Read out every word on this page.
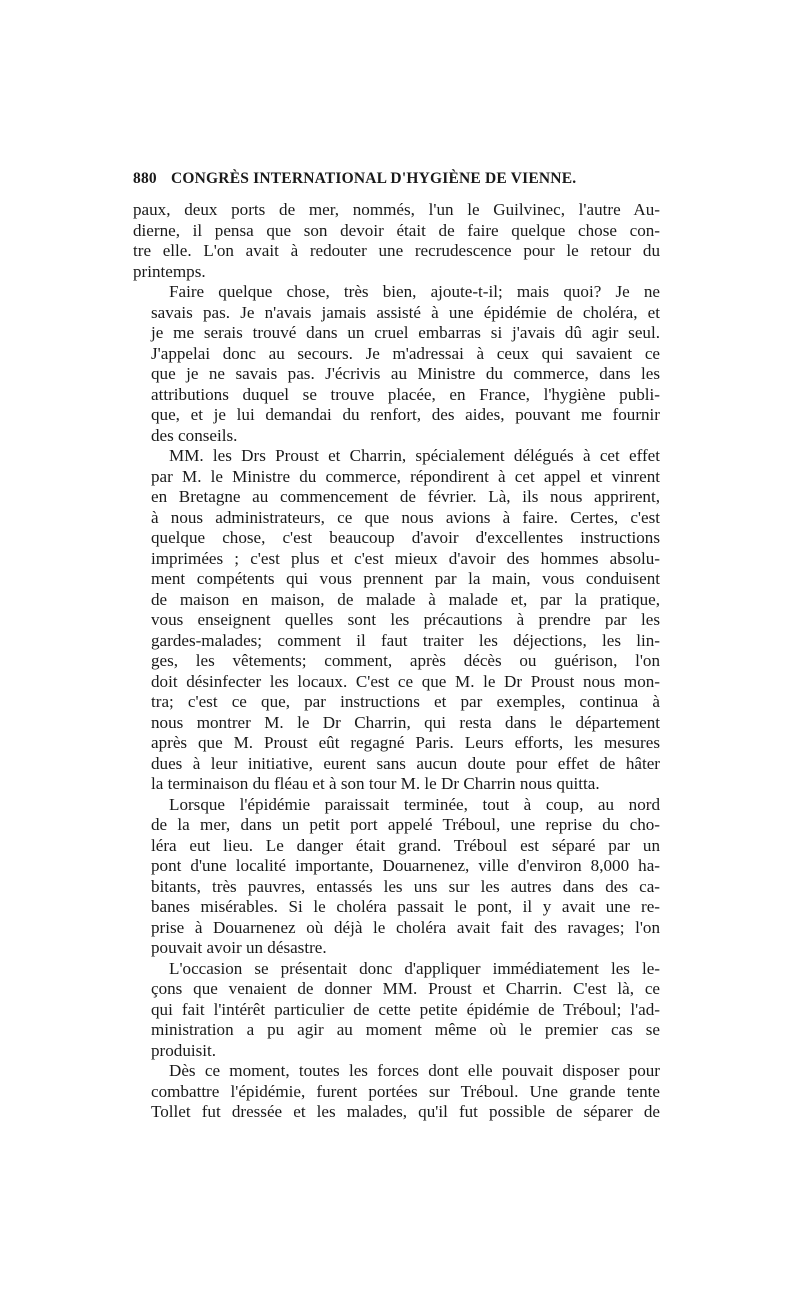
880 CONGRÈS INTERNATIONAL D'HYGIÈNE DE VIENNE.

paux, deux ports de mer, nommés, l'un le Guilvinec, l'autre Au-
dierne, il pensa que son devoir était de faire quelque chose con-
tre elle. L'on avait à redouter une recrudescence pour le retour du
printemps.

Faire quelque chose, très bien, ajoute-t-il; mais quoi? Je ne
savais pas. Je n'avais jamais assisté à une épidémie de choléra, et
je me serais trouvé dans un cruel embarras si j'avais dû agir seul.
J'appelai donc au secours. Je m'adressai à ceux qui savaient ce
que je ne savais pas. J'écrivis au Ministre du commerce, dans les
attributions duquel se trouve placée, en France, l'hygiène publi-
que, et je lui demandai du renfort, des aides, pouvant me fournir
des conseils.

MM. les Drs Proust et Charrin, spécialement délégués à cet effet
par M. le Ministre du commerce, répondirent à cet appel et vinrent
en Bretagne au commencement de février. Là, ils nous apprirent,
à nous administrateurs, ce que nous avions à faire. Certes, c'est
quelque chose, c'est beaucoup d'avoir d'excellentes instructions
imprimées ; c'est plus et c'est mieux d'avoir des hommes absolu-
ment compétents qui vous prennent par la main, vous conduisent
de maison en maison, de malade à malade et, par la pratique,
vous enseignent quelles sont les précautions à prendre par les
gardes-malades; comment il faut traiter les déjections, les lin-
ges, les vêtements; comment, après décès ou guérison, l'on
doit désinfecter les locaux. C'est ce que M. le Dr Proust nous mon-
tra; c'est ce que, par instructions et par exemples, continua à
nous montrer M. le Dr Charrin, qui resta dans le département
après que M. Proust eût regagné Paris. Leurs efforts, les mesures
dues à leur initiative, eurent sans aucun doute pour effet de hâter
la terminaison du fléau et à son tour M. le Dr Charrin nous quitta.

Lorsque l'épidémie paraissait terminée, tout à coup, au nord
de la mer, dans un petit port appelé Tréboul, une reprise du cho-
léra eut lieu. Le danger était grand. Tréboul est séparé par un
pont d'une localité importante, Douarnenez, ville d'environ 8,000 ha-
bitants, très pauvres, entassés les uns sur les autres dans des ca-
banes misérables. Si le choléra passait le pont, il y avait une re-
prise à Douarnenez où déjà le choléra avait fait des ravages; l'on
pouvait avoir un désastre.

L'occasion se présentait donc d'appliquer immédiatement les le-
çons que venaient de donner MM. Proust et Charrin. C'est là, ce
qui fait l'intérêt particulier de cette petite épidémie de Tréboul; l'ad-
ministration a pu agir au moment même où le premier cas se
produisit.

Dès ce moment, toutes les forces dont elle pouvait disposer pour
combattre l'épidémie, furent portées sur Tréboul. Une grande tente
Tollet fut dressée et les malades, qu'il fut possible de séparer de
